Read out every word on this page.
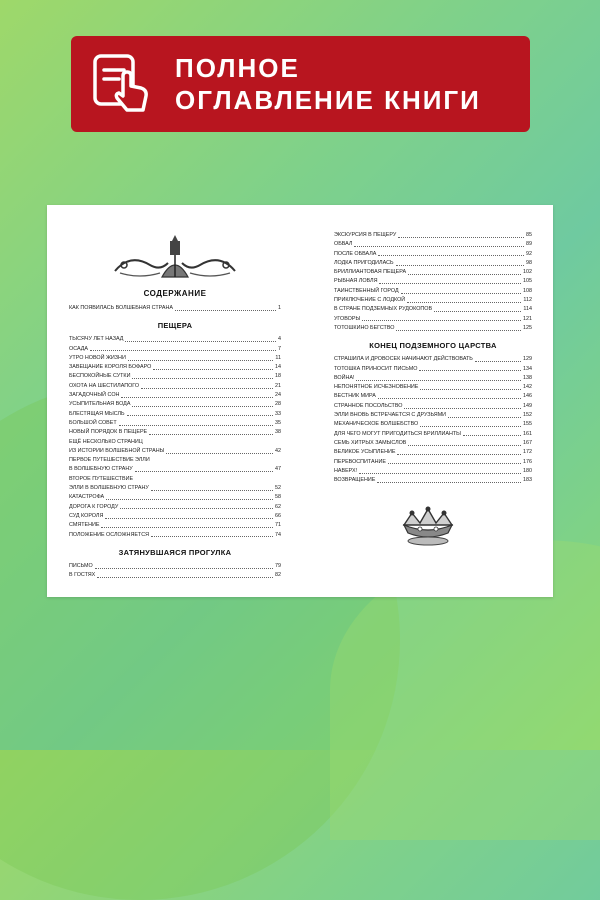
ПОЛНОЕ
ОГЛАВЛЕНИЕ КНИГИ
СОДЕРЖАНИЕ
КАК ПОЯВИЛАСЬ ВОЛШЕБНАЯ СТРАНА	1
ПЕЩЕРА
ТЫСЯЧУ ЛЕТ НАЗАД	4
ОСАДА	7
УТРО НОВОЙ ЖИЗНИ	11
ЗАВЕЩАНИЕ КОРОЛЯ БОФАРО	14
БЕСПОКОЙНЫЕ СУТКИ	18
ОХОТА НА ШЕСТИЛАПОГО	21
ЗАГАДОЧНЫЙ СОН	24
УСЫПИТЕЛЬНАЯ ВОДА	28
БЛЕСТЯЩАЯ МЫСЛЬ	33
БОЛЬШОЙ СОВЕТ	35
НОВЫЙ ПОРЯДОК В ПЕЩЕРЕ	38
ЕЩЁ НЕСКОЛЬКО СТРАНИЦ
ИЗ ИСТОРИИ ВОЛШЕБНОЙ СТРАНЫ	42
ПЕРВОЕ ПУТЕШЕСТВИЕ ЭЛЛИ
В ВОЛШЕБНУЮ СТРАНУ	47
ВТОРОЕ ПУТЕШЕСТВИЕ
ЭЛЛИ В ВОЛШЕБНУЮ СТРАНУ	52
КАТАСТРОФА	58
ДОРОГА К ГОРОДУ	62
СУД КОРОЛЯ	66
СМЯТЕНИЕ	71
ПОЛОЖЕНИЕ ОСЛОЖНЯЕТСЯ	74
ЗАТЯНУВШАЯСЯ ПРОГУЛКА
ПИСЬМО	79
В ГОСТЯХ	82
ЭКСКУРСИЯ В ПЕЩЕРУ	85
ОБВАЛ	89
ПОСЛЕ ОБВАЛА	92
ЛОДКА ПРИГОДИЛАСЬ	98
БРИЛЛИАНТОВАЯ ПЕЩЕРА	102
РЫБНАЯ ЛОВЛЯ	105
ТАИНСТВЕННЫЙ ГОРОД	108
ПРИКЛЮЧЕНИЕ С ЛОДКОЙ	112
В СТРАНЕ ПОДЗЕМНЫХ РУДОКОПОВ	114
УГОВОРЫ	121
ТОТОШКИНО БЕГСТВО	125
КОНЕЦ ПОДЗЕМНОГО ЦАРСТВА
СТРАШИЛА И ДРОВОСЕК НАЧИНАЮТ ДЕЙСТВОВАТЬ	129
ТОТОШКА ПРИНОСИТ ПИСЬМО	134
ВОЙНА!	138
НЕПОНЯТНОЕ ИСЧЕЗНОВЕНИЕ	142
ВЕСТНИК МИРА	146
СТРАННОЕ ПОСОЛЬСТВО	149
ЭЛЛИ ВНОВЬ ВСТРЕЧАЕТСЯ С ДРУЗЬЯМИ	152
МЕХАНИЧЕСКОЕ ВОЛШЕБСТВО	155
ДЛЯ ЧЕГО МОГУТ ПРИГОДИТЬСЯ БРИЛЛИАНТЫ	161
СЕМЬ ХИТРЫХ ЗАМЫСЛОВ	167
ВЕЛИКОЕ УСЫПЛЕНИЕ	172
ПЕРЕВОСПИТАНИЕ	176
НАВЕРХ!	180
ВОЗВРАЩЕНИЕ	183
